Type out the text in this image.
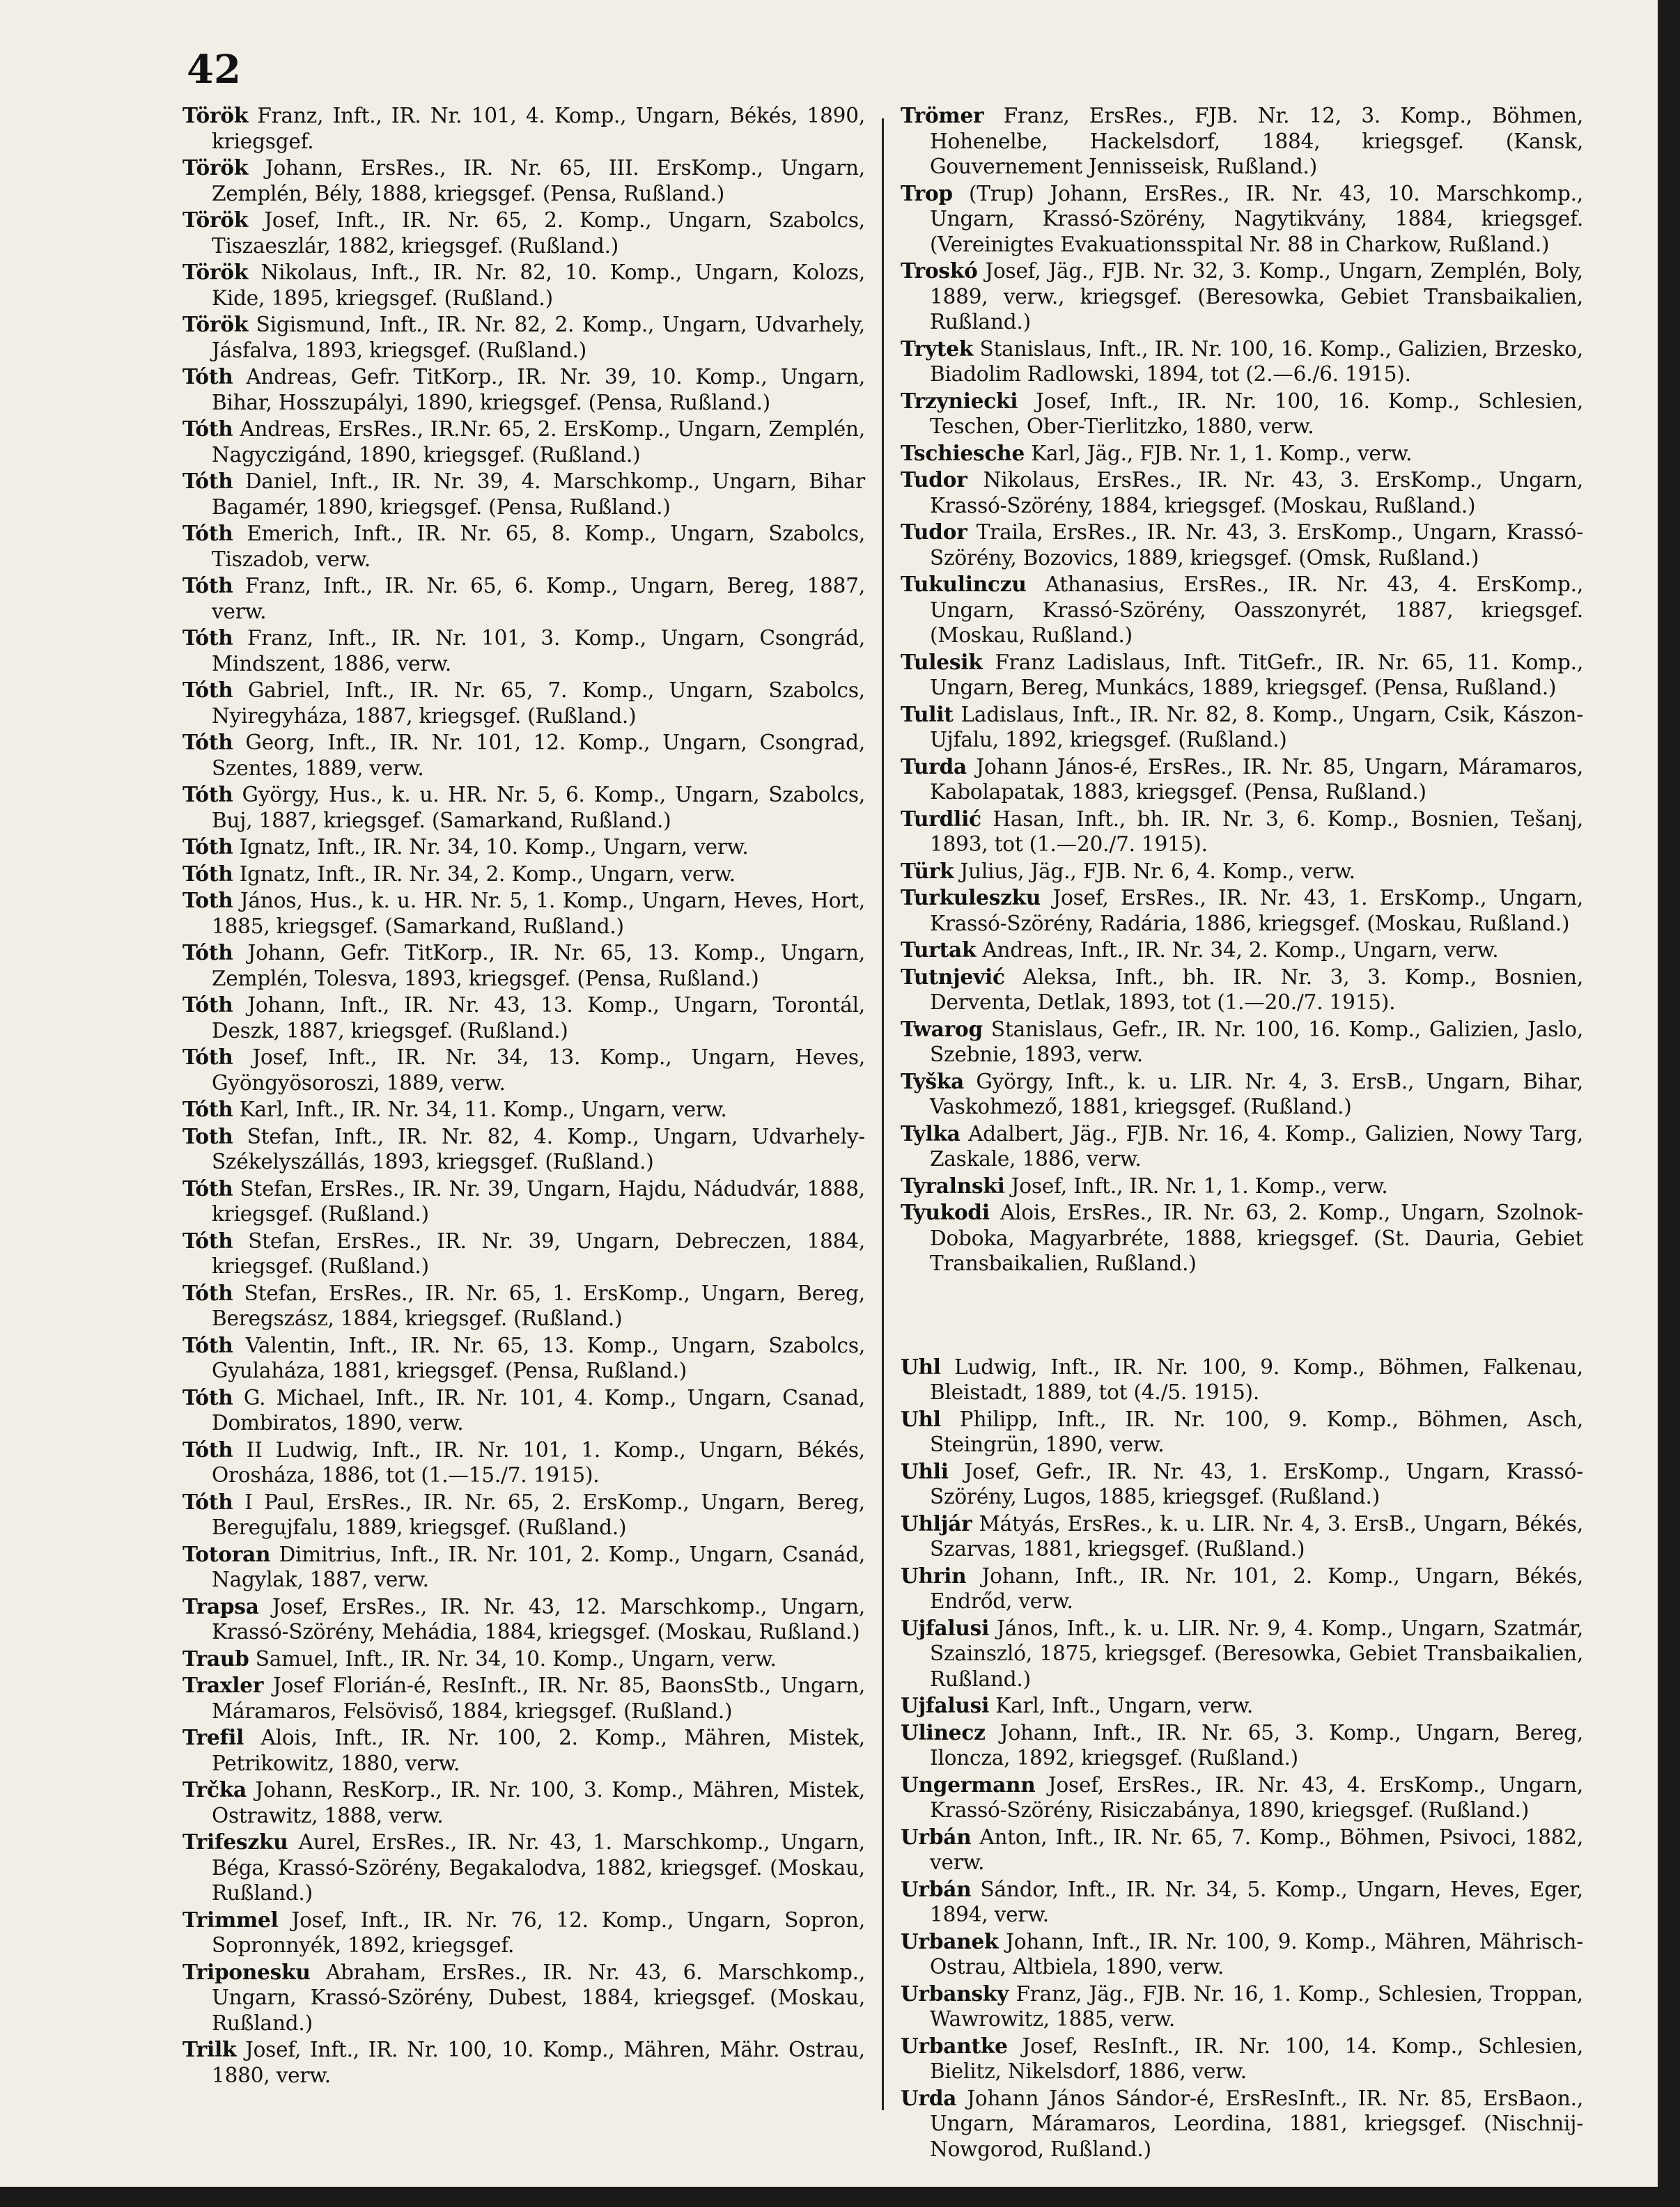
42

Török Franz, Inft., IR. Nr. 101, 4. Komp., Ungarn, Békés, 1890, kriegsgef.

Török Johann, ErsRes., IR. Nr. 65, III. ErsKomp., Ungarn, Zemplén, Bély, 1888, kriegsgef. (Pensa, Rußland.)

Török Josef, Inft., IR. Nr. 65, 2. Komp., Ungarn, Szabolcs, Tiszaeszlár, 1882, kriegsgef. (Rußland.)

Török Nikolaus, Inft., IR. Nr. 82, 10. Komp., Ungarn, Kolozs, Kide, 1895, kriegsgef. (Rußland.)

Török Sigismund, Inft., IR. Nr. 82, 2. Komp., Ungarn, Udvarhely, Jásfalva, 1893, kriegsgef. (Rußland.)

Tóth Andreas, Gefr. TitKorp., IR. Nr. 39, 10. Komp., Ungarn, Bihar, Hosszupályi, 1890, kriegsgef. (Pensa, Rußland.)

Tóth Andreas, ErsRes., IR.Nr. 65, 2. ErsKomp., Ungarn, Zemplén, Nagyczigánd, 1890, kriegsgef. (Rußland.)

Tóth Daniel, Inft., IR. Nr. 39, 4. Marschkomp., Ungarn, Bihar Bagamér, 1890, kriegsgef. (Pensa, Rußland.)

Tóth Emerich, Inft., IR. Nr. 65, 8. Komp., Ungarn, Szabolcs, Tiszadob, verw.

Tóth Franz, Inft., IR. Nr. 65, 6. Komp., Ungarn, Bereg, 1887, verw.

Tóth Franz, Inft., IR. Nr. 101, 3. Komp., Ungarn, Csongrád, Mindszent, 1886, verw.

Tóth Gabriel, Inft., IR. Nr. 65, 7. Komp., Ungarn, Szabolcs, Nyiregyháza, 1887, kriegsgef. (Rußland.)

Tóth Georg, Inft., IR. Nr. 101, 12. Komp., Ungarn, Csongrad, Szentes, 1889, verw.

Tóth György, Hus., k. u. HR. Nr. 5, 6. Komp., Ungarn, Szabolcs, Buj, 1887, kriegsgef. (Samarkand, Rußland.)

Tóth Ignatz, Inft., IR. Nr. 34, 10. Komp., Ungarn, verw.

Tóth Ignatz, Inft., IR. Nr. 34, 2. Komp., Ungarn, verw.

Toth János, Hus., k. u. HR. Nr. 5, 1. Komp., Ungarn, Heves, Hort, 1885, kriegsgef. (Samarkand, Rußland.)

Tóth Johann, Gefr. TitKorp., IR. Nr. 65, 13. Komp., Ungarn, Zemplén, Tolesva, 1893, kriegsgef. (Pensa, Rußland.)

Tóth Johann, Inft., IR. Nr. 43, 13. Komp., Ungarn, Torontál, Deszk, 1887, kriegsgef. (Rußland.)

Tóth Josef, Inft., IR. Nr. 34, 13. Komp., Ungarn, Heves, Gyöngyösoroszi, 1889, verw.

Tóth Karl, Inft., IR. Nr. 34, 11. Komp., Ungarn, verw.

Toth Stefan, Inft., IR. Nr. 82, 4. Komp., Ungarn, Udvarhely-Székelyszállás, 1893, kriegsgef. (Rußland.)

Tóth Stefan, ErsRes., IR. Nr. 39, Ungarn, Hajdu, Nádudvár, 1888, kriegsgef. (Rußland.)

Tóth Stefan, ErsRes., IR. Nr. 39, Ungarn, Debreczen, 1884, kriegsgef. (Rußland.)

Tóth Stefan, ErsRes., IR. Nr. 65, 1. ErsKomp., Ungarn, Bereg, Beregszász, 1884, kriegsgef. (Rußland.)

Tóth Valentin, Inft., IR. Nr. 65, 13. Komp., Ungarn, Szabolcs, Gyulaháza, 1881, kriegsgef. (Pensa, Rußland.)

Tóth G. Michael, Inft., IR. Nr. 101, 4. Komp., Ungarn, Csanad, Dombiratos, 1890, verw.

Tóth II Ludwig, Inft., IR. Nr. 101, 1. Komp., Ungarn, Békés, Orosháza, 1886, tot (1.—15./7. 1915).

Tóth I Paul, ErsRes., IR. Nr. 65, 2. ErsKomp., Ungarn, Bereg, Beregujfalu, 1889, kriegsgef. (Rußland.)

Totoran Dimitrius, Inft., IR. Nr. 101, 2. Komp., Ungarn, Csanád, Nagylak, 1887, verw.

Trapsa Josef, ErsRes., IR. Nr. 43, 12. Marschkomp., Ungarn, Krassó-Szörény, Mehádia, 1884, kriegsgef. (Moskau, Rußland.)

Traub Samuel, Inft., IR. Nr. 34, 10. Komp., Ungarn, verw.

Traxler Josef Florián-é, ResInft., IR. Nr. 85, BaonsStb., Ungarn, Máramaros, Felsöviső, 1884, kriegsgef. (Rußland.)

Trefil Alois, Inft., IR. Nr. 100, 2. Komp., Mähren, Mistek, Petrikowitz, 1880, verw.

Trčka Johann, ResKorp., IR. Nr. 100, 3. Komp., Mähren, Mistek, Ostrawitz, 1888, verw.

Trifeszku Aurel, ErsRes., IR. Nr. 43, 1. Marschkomp., Ungarn, Béga, Krassó-Szörény, Begakalodva, 1882, kriegsgef. (Moskau, Rußland.)

Trimmel Josef, Inft., IR. Nr. 76, 12. Komp., Ungarn, Sopron, Sopronnyék, 1892, kriegsgef.

Triponesku Abraham, ErsRes., IR. Nr. 43, 6. Marschkomp., Ungarn, Krassó-Szörény, Dubest, 1884, kriegsgef. (Moskau, Rußland.)

Trilk Josef, Inft., IR. Nr. 100, 10. Komp., Mähren, Mähr. Ostrau, 1880, verw.

Trömer Franz, ErsRes., FJB. Nr. 12, 3. Komp., Böhmen, Hohenelbe, Hackelsdorf, 1884, kriegsgef. (Kansk, Gouvernement Jennisseisk, Rußland.)

Trop (Trup) Johann, ErsRes., IR. Nr. 43, 10. Marschkomp., Ungarn, Krassó-Szörény, Nagytikvány, 1884, kriegsgef. (Vereinigtes Evakuationsspital Nr. 88 in Charkow, Rußland.)

Troskó Josef, Jäg., FJB. Nr. 32, 3. Komp., Ungarn, Zemplén, Boly, 1889, verw., kriegsgef. (Beresowka, Gebiet Transbaikalien, Rußland.)

Trytek Stanislaus, Inft., IR. Nr. 100, 16. Komp., Galizien, Brzesko, Biadolim Radlowski, 1894, tot (2.—6./6. 1915).

Trzyniecki Josef, Inft., IR. Nr. 100, 16. Komp., Schlesien, Teschen, Ober-Tierlitzko, 1880, verw.

Tschiesche Karl, Jäg., FJB. Nr. 1, 1. Komp., verw.

Tudor Nikolaus, ErsRes., IR. Nr. 43, 3. ErsKomp., Ungarn, Krassó-Szörény, 1884, kriegsgef. (Moskau, Rußland.)

Tudor Traila, ErsRes., IR. Nr. 43, 3. ErsKomp., Ungarn, Krassó-Szörény, Bozovics, 1889, kriegsgef. (Omsk, Rußland.)

Tukulinczu Athanasius, ErsRes., IR. Nr. 43, 4. ErsKomp., Ungarn, Krassó-Szörény, Oasszonyrét, 1887, kriegsgef. (Moskau, Rußland.)

Tulesik Franz Ladislaus, Inft. TitGefr., IR. Nr. 65, 11. Komp., Ungarn, Bereg, Munkács, 1889, kriegsgef. (Pensa, Rußland.)

Tulit Ladislaus, Inft., IR. Nr. 82, 8. Komp., Ungarn, Csik, Kászon-Ujfalu, 1892, kriegsgef. (Rußland.)

Turda Johann János-é, ErsRes., IR. Nr. 85, Ungarn, Máramaros, Kabolapatak, 1883, kriegsgef. (Pensa, Rußland.)

Turdlić Hasan, Inft., bh. IR. Nr. 3, 6. Komp., Bosnien, Tešanj, 1893, tot (1.—20./7. 1915).

Türk Julius, Jäg., FJB. Nr. 6, 4. Komp., verw.

Turkuleszku Josef, ErsRes., IR. Nr. 43, 1. ErsKomp., Ungarn, Krassó-Szörény, Radária, 1886, kriegsgef. (Moskau, Rußland.)

Turtak Andreas, Inft., IR. Nr. 34, 2. Komp., Ungarn, verw.

Tutnjević Aleksa, Inft., bh. IR. Nr. 3, 3. Komp., Bosnien, Derventa, Detlak, 1893, tot (1.—20./7. 1915).

Twarog Stanislaus, Gefr., IR. Nr. 100, 16. Komp., Galizien, Jaslo, Szebnie, 1893, verw.

Tyška György, Inft., k. u. LIR. Nr. 4, 3. ErsB., Ungarn, Bihar, Vaskohmező, 1881, kriegsgef. (Rußland.)

Tylka Adalbert, Jäg., FJB. Nr. 16, 4. Komp., Galizien, Nowy Targ, Zaskale, 1886, verw.

Tyralnski Josef, Inft., IR. Nr. 1, 1. Komp., verw.

Tyukodi Alois, ErsRes., IR. Nr. 63, 2. Komp., Ungarn, Szolnok-Doboka, Magyarbréte, 1888, kriegsgef. (St. Dauria, Gebiet Transbaikalien, Rußland.)

Uhl Ludwig, Inft., IR. Nr. 100, 9. Komp., Böhmen, Falkenau, Bleistadt, 1889, tot (4./5. 1915).

Uhl Philipp, Inft., IR. Nr. 100, 9. Komp., Böhmen, Asch, Steingrün, 1890, verw.

Uhli Josef, Gefr., IR. Nr. 43, 1. ErsKomp., Ungarn, Krassó-Szörény, Lugos, 1885, kriegsgef. (Rußland.)

Uhljár Mátyás, ErsRes., k. u. LIR. Nr. 4, 3. ErsB., Ungarn, Békés, Szarvas, 1881, kriegsgef. (Rußland.)

Uhrin Johann, Inft., IR. Nr. 101, 2. Komp., Ungarn, Békés, Endrőd, verw.

Ujfalusi János, Inft., k. u. LIR. Nr. 9, 4. Komp., Ungarn, Szatmár, Szainszló, 1875, kriegsgef. (Beresowka, Gebiet Transbaikalien, Rußland.)

Ujfalusi Karl, Inft., Ungarn, verw.

Ulinecz Johann, Inft., IR. Nr. 65, 3. Komp., Ungarn, Bereg, Iloncza, 1892, kriegsgef. (Rußland.)

Ungermann Josef, ErsRes., IR. Nr. 43, 4. ErsKomp., Ungarn, Krassó-Szörény, Risiczabánya, 1890, kriegsgef. (Rußland.)

Urbán Anton, Inft., IR. Nr. 65, 7. Komp., Böhmen, Psivoci, 1882, verw.

Urbán Sándor, Inft., IR. Nr. 34, 5. Komp., Ungarn, Heves, Eger, 1894, verw.

Urbanek Johann, Inft., IR. Nr. 100, 9. Komp., Mähren, Mährisch-Ostrau, Altbiela, 1890, verw.

Urbansky Franz, Jäg., FJB. Nr. 16, 1. Komp., Schlesien, Troppan, Wawrowitz, 1885, verw.

Urbantke Josef, ResInft., IR. Nr. 100, 14. Komp., Schlesien, Bielitz, Nikelsdorf, 1886, verw.

Urda Johann János Sándor-é, ErsResInft., IR. Nr. 85, ErsBaon., Ungarn, Máramaros, Leordina, 1881, kriegsgef. (Nischnij-Nowgorod, Rußland.)
